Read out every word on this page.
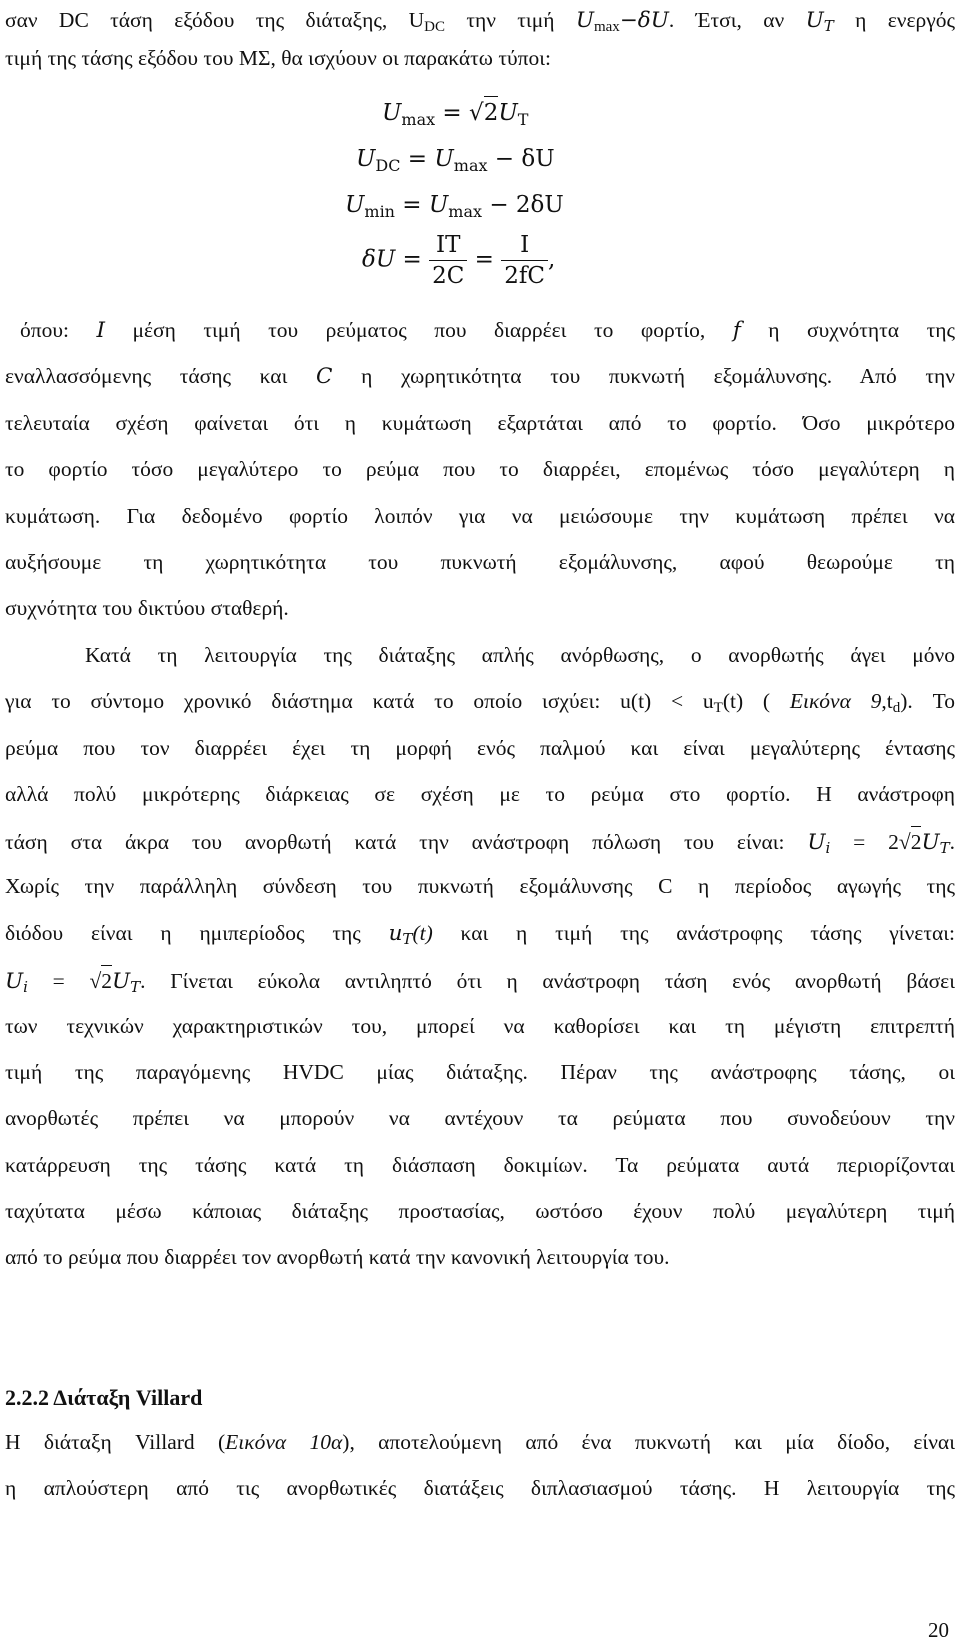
σαν DC τάση εξόδου της διάταξης, $U_{DC}$ την τιμή $U_{max}-\delta U$. Έτσι, αν $U_T$ η ενεργός
τιμή της τάσης εξόδου του ΜΣ, θα ισχύουν οι παρακάτω τύποι:
$U_{max} = √2U_T$
$U_{DC} = U_{max} - \delta U$
$U_{min} = U_{max} - 2\delta U$
$\delta U = \frac{IT}{2C} = \frac{I}{2fC}$ ,
όπου: I μέση τιμή του ρεύματος που διαρρέει το φορτίο, f η συχνότητα της
εναλλασσόμενης τάσης και C η χωρητικότητα του πυκνωτή εξομάλυνσης. Από την
τελευταία σχέση φαίνεται ότι η κυμάτωση εξαρτάται από το φορτίο. Όσο μικρότερο
το φορτίο τόσο μεγαλύτερο το ρεύμα που το διαρρέει, επομένως τόσο μεγαλύτερη η
κυμάτωση. Για δεδομένο φορτίο λοιπόν για να μειώσουμε την κυμάτωση πρέπει να
αυξήσουμε τη χωρητικότητα του πυκνωτή εξομάλυνσης, αφού θεωρούμε τη
συχνότητα του δικτύου σταθερή.
Κατά τη λειτουργία της διάταξης απλής ανόρθωσης, ο ανορθωτής άγει μόνο
για το σύντομο χρονικό διάστημα κατά το οποίο ισχύει: $u(t) < u_T(t)$ ( Εικόνα $9,t_d$). Το
ρεύμα που τον διαρρέει έχει τη μορφή ενός παλμού και είναι μεγαλύτερης έντασης
αλλά πολύ μικρότερης διάρκειας σε σχέση με το ρεύμα στο φορτίο. Η ανάστροφη
τάση στα άκρα του ανορθωτή κατά την ανάστροφη πόλωση του είναι: $U_i = 2√2U_T$.
Χωρίς την παράλληλη σύνδεση του πυκνωτή εξομάλυνσης C η περίοδος αγωγής της
διόδου είναι η ημιπερίοδος της $u_T(t)$ και η τιμή της ανάστροφης τάσης γίνεται:
$U_i = √2U_T$. Γίνεται εύκολα αντιληπτό ότι η ανάστροφη τάση ενός ανορθωτή βάσει
των τεχνικών χαρακτηριστικών του, μπορεί να καθορίσει και τη μέγιστη επιτρεπτή
τιμή της παραγόμενης HVDC μίας διάταξης. Πέραν της ανάστροφης τάσης, οι
ανορθωτές πρέπει να μπορούν να αντέχουν τα ρεύματα που συνοδεύουν την
κατάρρευση της τάσης κατά τη διάσπαση δοκιμίων. Τα ρεύματα αυτά περιορίζονται
ταχύτατα μέσω κάποιας διάταξης προστασίας, ωστόσο έχουν πολύ μεγαλύτερη τιμή
από το ρεύμα που διαρρέει τον ανορθωτή κατά την κανονική λειτουργία του.
2.2.2 Διάταξη Villard
Η διάταξη Villard (Εικόνα 10α), αποτελούμενη από ένα πυκνωτή και μία δίοδο, είναι
η απλούστερη από τις ανορθωτικές διατάξεις διπλασιασμού τάσης. Η λειτουργία της
20
